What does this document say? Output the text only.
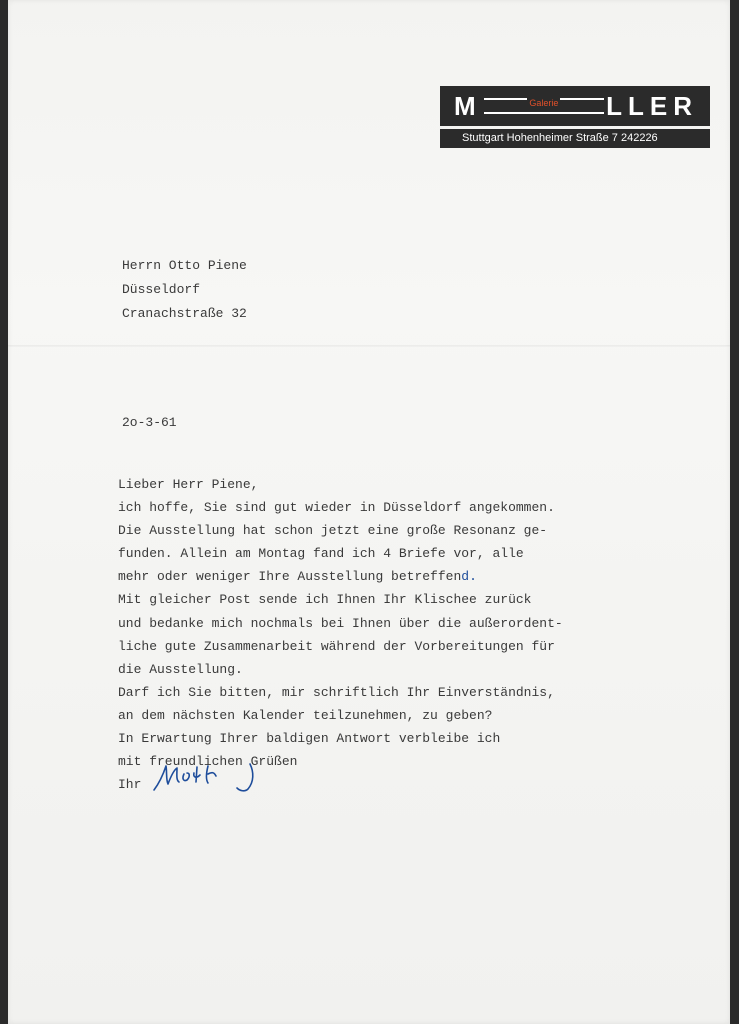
M	Galerie LLER
Stuttgart Hohenheimer Straße 7 242226
Herrn Otto Piene
Düsseldorf
Cranachstraße 32
2o-3-61
Lieber Herr Piene,
ich hoffe, Sie sind gut wieder in Düsseldorf angekommen.
Die Ausstellung hat schon jetzt eine große Resonanz ge-
funden. Allein am Montag fand ich 4 Briefe vor, alle
mehr oder weniger Ihre Ausstellung betreffend.
Mit gleicher Post sende ich Ihnen Ihr Klischee zurück
und bedanke mich nochmals bei Ihnen über die außerordent-
liche gute Zusammenarbeit während der Vorbereitungen für
die Ausstellung.
Darf ich Sie bitten, mir schriftlich Ihr Einverständnis,
an dem nächsten Kalender teilzunehmen, zu geben?
In Erwartung Ihrer baldigen Antwort verbleibe ich
mit freundlichen Grüßen
Ihr
